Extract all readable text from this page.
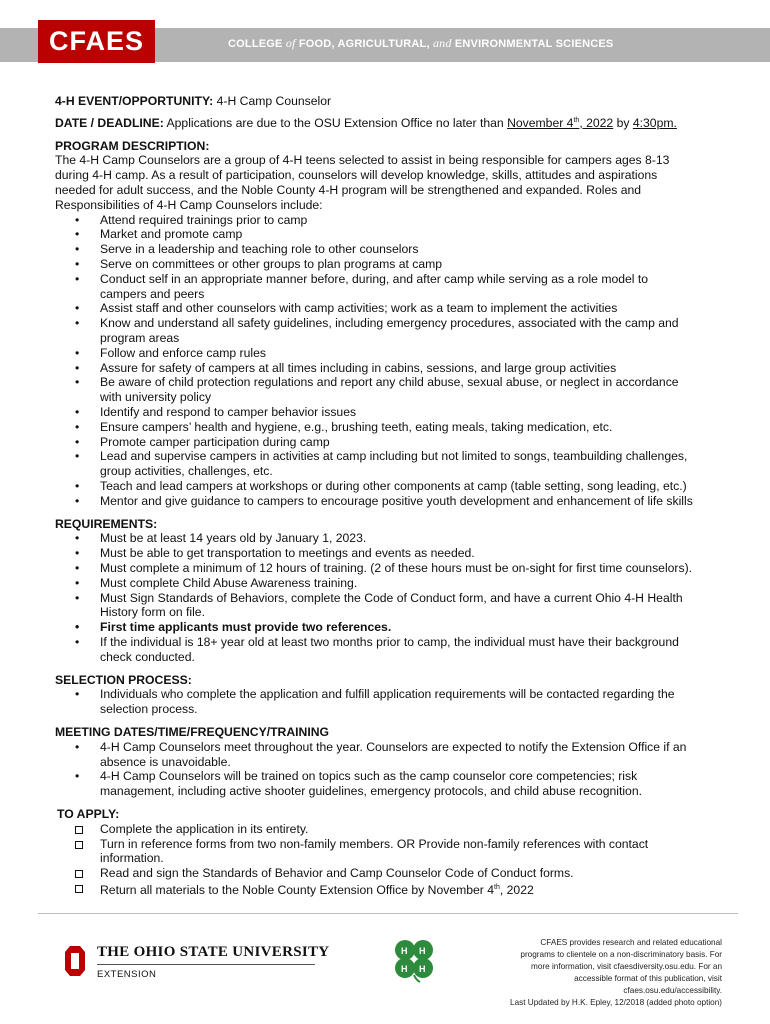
CFAES	COLLEGE of FOOD, AGRICULTURAL, and ENVIRONMENTAL SCIENCES

4-H EVENT/OPPORTUNITY: 4-H Camp Counselor

DATE / DEADLINE: Applications are due to the OSU Extension Office no later than November 4th, 2022 by 4:30pm.

PROGRAM DESCRIPTION:
The 4-H Camp Counselors are a group of 4-H teens selected to assist in being responsible for campers ages 8-13
during 4-H camp. As a result of participation, counselors will develop knowledge, skills, attitudes and aspirations
needed for adult success, and the Noble County 4-H program will be strengthened and expanded. Roles and
Responsibilities of 4-H Camp Counselors include:
• Attend required trainings prior to camp
• Market and promote camp
• Serve in a leadership and teaching role to other counselors
• Serve on committees or other groups to plan programs at camp
• Conduct self in an appropriate manner before, during, and after camp while serving as a role model to
campers and peers
• Assist staff and other counselors with camp activities; work as a team to implement the activities
• Know and understand all safety guidelines, including emergency procedures, associated with the camp and
program areas
• Follow and enforce camp rules
• Assure for safety of campers at all times including in cabins, sessions, and large group activities
• Be aware of child protection regulations and report any child abuse, sexual abuse, or neglect in accordance
with university policy
• Identify and respond to camper behavior issues
• Ensure campers’ health and hygiene, e.g., brushing teeth, eating meals, taking medication, etc.
• Promote camper participation during camp
• Lead and supervise campers in activities at camp including but not limited to songs, teambuilding challenges,
group activities, challenges, etc.
• Teach and lead campers at workshops or during other components at camp (table setting, song leading, etc.)
• Mentor and give guidance to campers to encourage positive youth development and enhancement of life skills
REQUIREMENTS:
• Must be at least 14 years old by January 1, 2023.
• Must be able to get transportation to meetings and events as needed.
• Must complete a minimum of 12 hours of training. (2 of these hours must be on-sight for first time counselors).
• Must complete Child Abuse Awareness training.
• Must Sign Standards of Behaviors, complete the Code of Conduct form, and have a current Ohio 4-H Health
History form on file.
• First time applicants must provide two references.
• If the individual is 18+ year old at least two months prior to camp, the individual must have their background
check conducted.
SELECTION PROCESS:
• Individuals who complete the application and fulfill application requirements will be contacted regarding the
selection process.
MEETING DATES/TIME/FREQUENCY/TRAINING
• 4-H Camp Counselors meet throughout the year. Counselors are expected to notify the Extension Office if an
absence is unavoidable.
• 4-H Camp Counselors will be trained on topics such as the camp counselor core competencies; risk
management, including active shooter guidelines, emergency protocols, and child abuse recognition.
TO APPLY:
Complete the application in its entirety.
Turn in reference forms from two non-family members. OR Provide non-family references with contact
information.
Read and sign the Standards of Behavior and Camp Counselor Code of Conduct forms.
Return all materials to the Noble County Extension Office by November 4th, 2022
THE OHIO STATE UNIVERSITY
EXTENSION
H H
H H
CFAES provides research and related educational
programs to clientele on a non-discriminatory basis. For
more information, visit cfaesdiversity.osu.edu. For an
accessible format of this publication, visit
cfaes.osu.edu/accessibility.
Last Updated by H.K. Epley, 12/2018 (added photo option)
